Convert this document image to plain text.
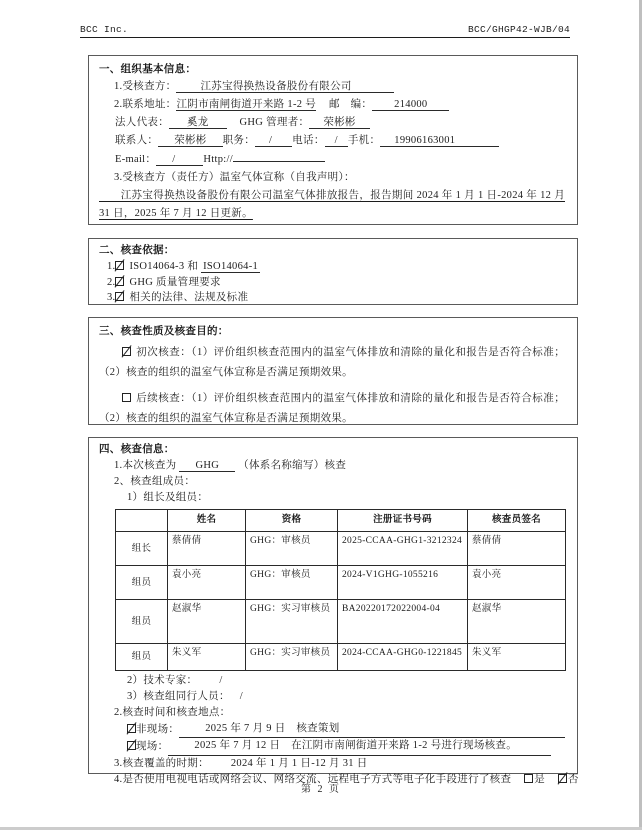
BCC Inc.	BCC/GHGP42-WJB/04
一、组织基本信息：
1.受核查方： 江苏宝得换热设备股份有限公司
2.联系地址：江阴市南闸街道开来路 1-2 号 邮　编： 214000
法人代表： 奚龙	GHG 管理者： 荣彬彬
联系人： 荣彬彬 职务： / 电话： / 手机： 19906163001
E-mail： /	Http://
3.受核查方（责任方）温室气体宣称（自我声明）：
　　江苏宝得换热设备股份有限公司温室气体排放报告，报告期间 2024 年 1 月 1 日-2024 年 12 月 31 日，2025 年 7 月 12 日更新。
二、核查依据：
1. ISO14064-3 和 ISO14064-1
2. GHG 质量管理要求
3. 相关的法律、法规及标准
三、核查性质及核查目的：
初次核查：（1）评价组织核查范围内的温室气体排放和清除的量化和报告是否符合标准；（2）核查的组织的温室气体宣称是否满足预期效果。
后续核查：（1）评价组织核查范围内的温室气体排放和清除的量化和报告是否符合标准；（2）核查的组织的温室气体宣称是否满足预期效果。
四、核查信息：
1.本次核查为 GHG （体系名称缩写）核查
2、核查组成员：
1）组长及组员：
	姓名	资格	注册证书号码	核查员签名
组长	蔡倩倩	GHG：审核员	2025-CCAA-GHG1-3212324	蔡倩倩
组员	袁小亮	GHG：审核员	2024-V1GHG-1055216	袁小亮
组员	赵淑华	GHG：实习审核员	BA20220172022004-04	赵淑华
组员	朱义军	GHG：实习审核员	2024-CCAA-GHG0-1221845	朱义军
2）技术专家： /
3）核查组同行人员： /
2.核查时间和核查地点：
非现场：	2025 年 7 月 9 日　核查策划
现场：	2025 年 7 月 12 日　在江阴市南闸街道开来路 1-2 号进行现场核查。
3.核查覆盖的时期： 2024 年 1 月 1 日-12 月 31 日
4.是否使用电视电话或网络会议、网络交流、远程电子方式等电子化手段进行了核查 是 否
第 2 页
